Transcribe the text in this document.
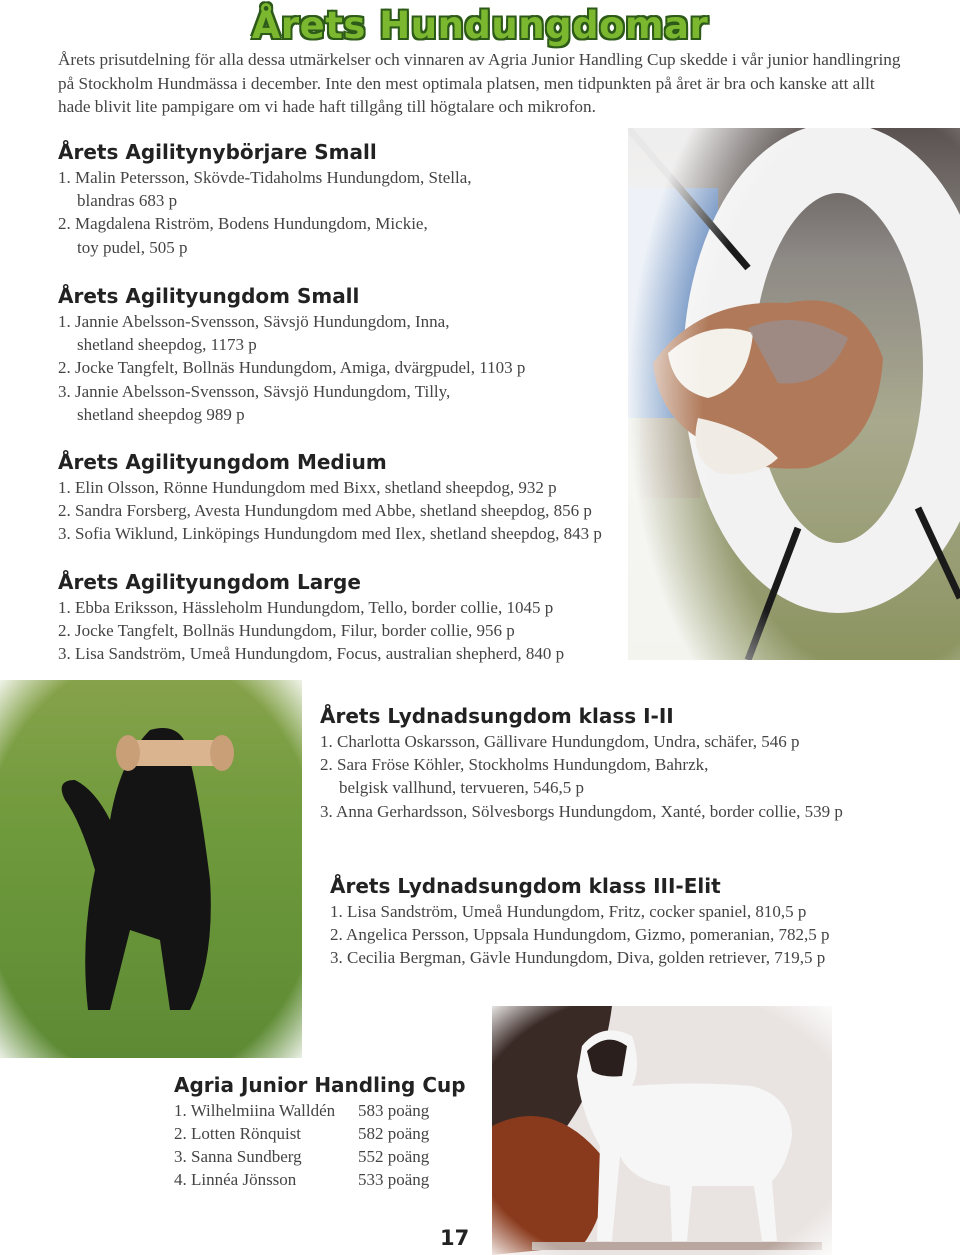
Årets Hundungdomar
Årets prisutdelning för alla dessa utmärkelser och vinnaren av Agria Junior Handling Cup skedde i vår junior handlingring på Stockholm Hundmässa i december. Inte den mest optimala platsen, men tidpunkten på året är bra och kanske att allt hade blivit lite pampigare om vi hade haft tillgång till högtalare och mikrofon.
Årets Agilitynybörjare Small
1. Malin Petersson, Skövde-Tidaholms Hundungdom, Stella,
blandras 683 p
2. Magdalena Riström, Bodens Hundungdom, Mickie,
toy pudel, 505 p
Årets Agilityungdom Small
1. Jannie Abelsson-Svensson, Sävsjö Hundungdom, Inna,
shetland sheepdog, 1173 p
2. Jocke Tangfelt, Bollnäs Hundungdom, Amiga, dvärgpudel, 1103 p
3. Jannie Abelsson-Svensson, Sävsjö Hundungdom, Tilly,
shetland sheepdog 989 p
Årets Agilityungdom Medium
1. Elin Olsson, Rönne Hundungdom med Bixx, shetland sheepdog, 932 p
2. Sandra Forsberg, Avesta Hundungdom med Abbe, shetland sheepdog, 856 p
3. Sofia Wiklund, Linköpings Hundungdom med Ilex, shetland sheepdog, 843 p
Årets Agilityungdom Large
1. Ebba Eriksson, Hässleholm Hundungdom, Tello, border collie, 1045 p
2. Jocke Tangfelt, Bollnäs Hundungdom, Filur, border collie, 956 p
3. Lisa Sandström, Umeå Hundungdom, Focus, australian shepherd, 840 p
Årets Lydnadsungdom klass I-II
1. Charlotta Oskarsson, Gällivare Hundungdom, Undra, schäfer, 546 p
2. Sara Fröse Köhler, Stockholms Hundungdom, Bahrzk,
belgisk vallhund, tervueren, 546,5 p
3. Anna Gerhardsson, Sölvesborgs Hundungdom, Xanté, border collie, 539 p
Årets Lydnadsungdom klass III-Elit
1. Lisa Sandström, Umeå Hundungdom, Fritz, cocker spaniel, 810,5 p
2. Angelica Persson, Uppsala Hundungdom, Gizmo, pomeranian, 782,5 p
3. Cecilia Bergman, Gävle Hundungdom, Diva, golden retriever, 719,5 p
Agria Junior Handling Cup
1. Wilhelmiina Walldén	583 poäng
2. Lotten Rönquist	582 poäng
3. Sanna Sundberg	552 poäng
4. Linnéa Jönsson	533 poäng
17
